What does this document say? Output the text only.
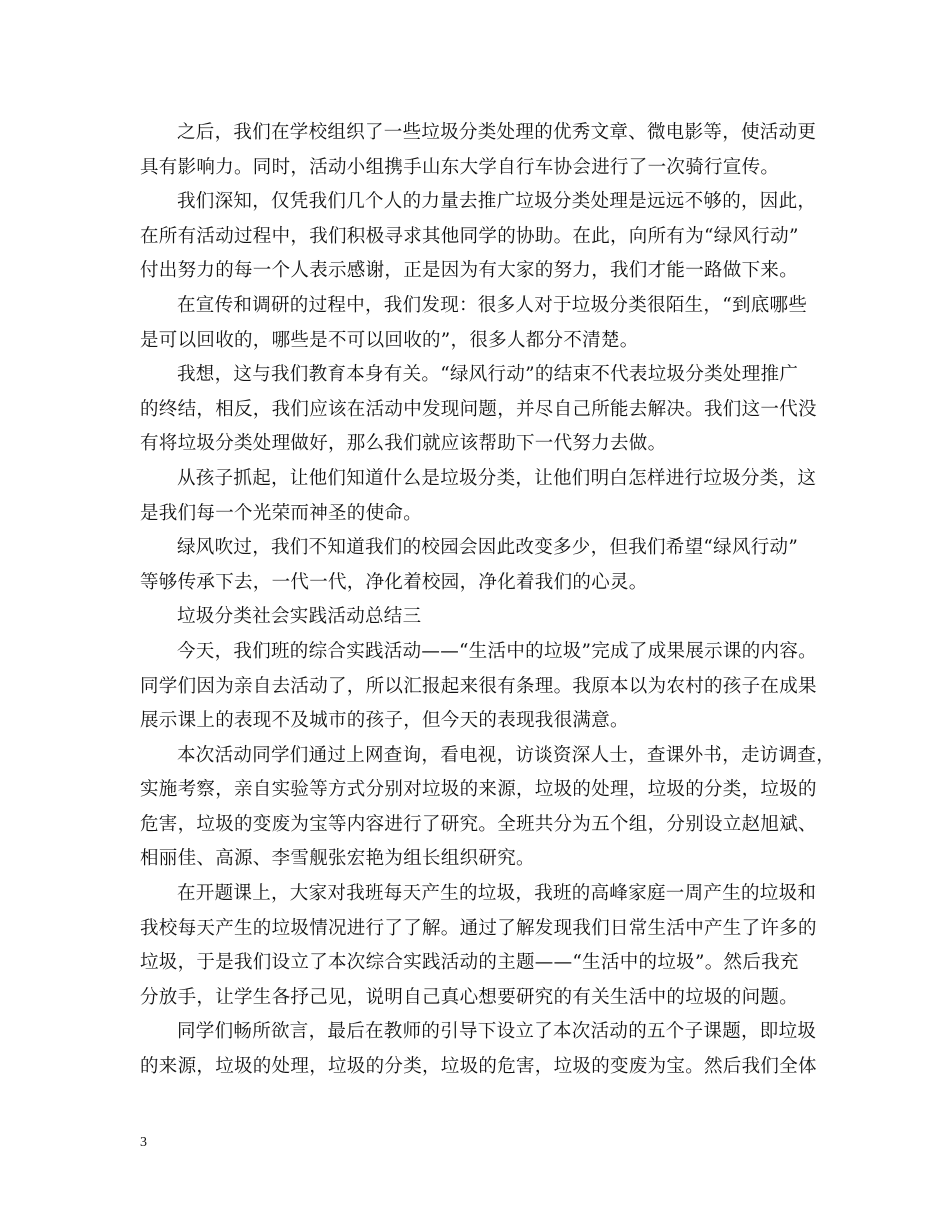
之后，我们在学校组织了一些垃圾分类处理的优秀文章、微电影等，使活动更
具有影响力。同时，活动小组携手山东大学自行车协会进行了一次骑行宣传。
我们深知，仅凭我们几个人的力量去推广垃圾分类处理是远远不够的，因此，
在所有活动过程中，我们积极寻求其他同学的协助。在此，向所有为“绿风行动”
付出努力的每一个人表示感谢，正是因为有大家的努力，我们才能一路做下来。
在宣传和调研的过程中，我们发现：很多人对于垃圾分类很陌生，“到底哪些
是可以回收的，哪些是不可以回收的”，很多人都分不清楚。
我想，这与我们教育本身有关。“绿风行动”的结束不代表垃圾分类处理推广
的终结，相反，我们应该在活动中发现问题，并尽自己所能去解决。我们这一代没
有将垃圾分类处理做好，那么我们就应该帮助下一代努力去做。
从孩子抓起，让他们知道什么是垃圾分类，让他们明白怎样进行垃圾分类，这
是我们每一个光荣而神圣的使命。
绿风吹过，我们不知道我们的校园会因此改变多少，但我们希望“绿风行动”
等够传承下去，一代一代，净化着校园，净化着我们的心灵。
垃圾分类社会实践活动总结三
今天，我们班的综合实践活动——“生活中的垃圾”完成了成果展示课的内容。
同学们因为亲自去活动了，所以汇报起来很有条理。我原本以为农村的孩子在成果
展示课上的表现不及城市的孩子，但今天的表现我很满意。
本次活动同学们通过上网查询，看电视，访谈资深人士，查课外书，走访调查，
实施考察，亲自实验等方式分别对垃圾的来源，垃圾的处理，垃圾的分类，垃圾的
危害，垃圾的变废为宝等内容进行了研究。全班共分为五个组，分别设立赵旭斌、
相丽佳、高源、李雪舰张宏艳为组长组织研究。
在开题课上，大家对我班每天产生的垃圾，我班的高峰家庭一周产生的垃圾和
我校每天产生的垃圾情况进行了了解。通过了解发现我们日常生活中产生了许多的
垃圾，于是我们设立了本次综合实践活动的主题——“生活中的垃圾”。然后我充
分放手，让学生各抒己见，说明自己真心想要研究的有关生活中的垃圾的问题。
同学们畅所欲言，最后在教师的引导下设立了本次活动的五个子课题，即垃圾
的来源，垃圾的处理，垃圾的分类，垃圾的危害，垃圾的变废为宝。然后我们全体
3
